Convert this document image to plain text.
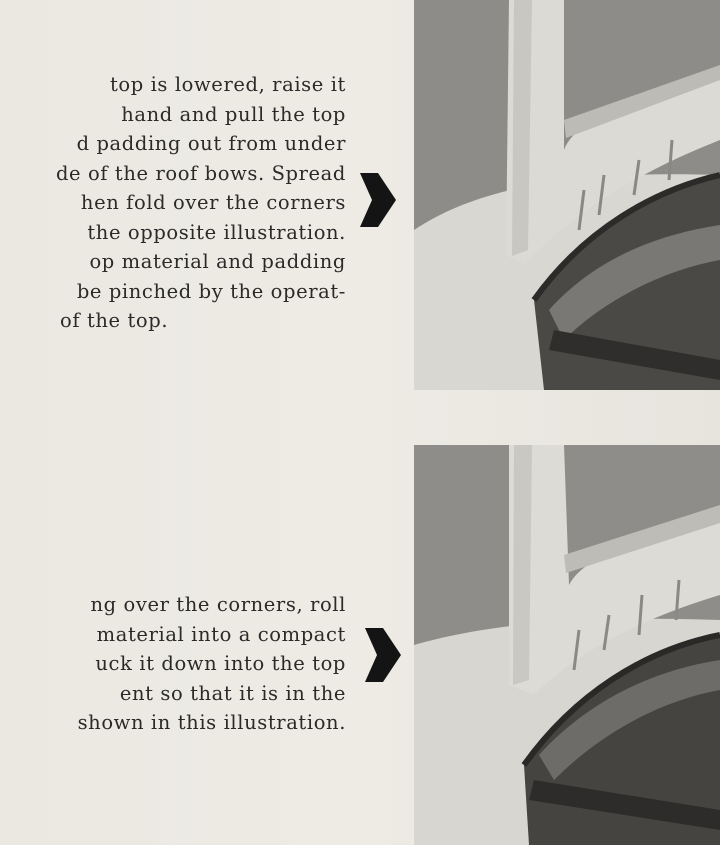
top is lowered, raise it
hand and pull the top
d padding out from under
de of the roof bows. Spread
hen fold over the corners
the opposite illustration.
op material and padding
be pinched by the operat-
of the top.
ng over the corners, roll
material into a compact
uck it down into the top
ent so that it is in the
shown in this illustration.
